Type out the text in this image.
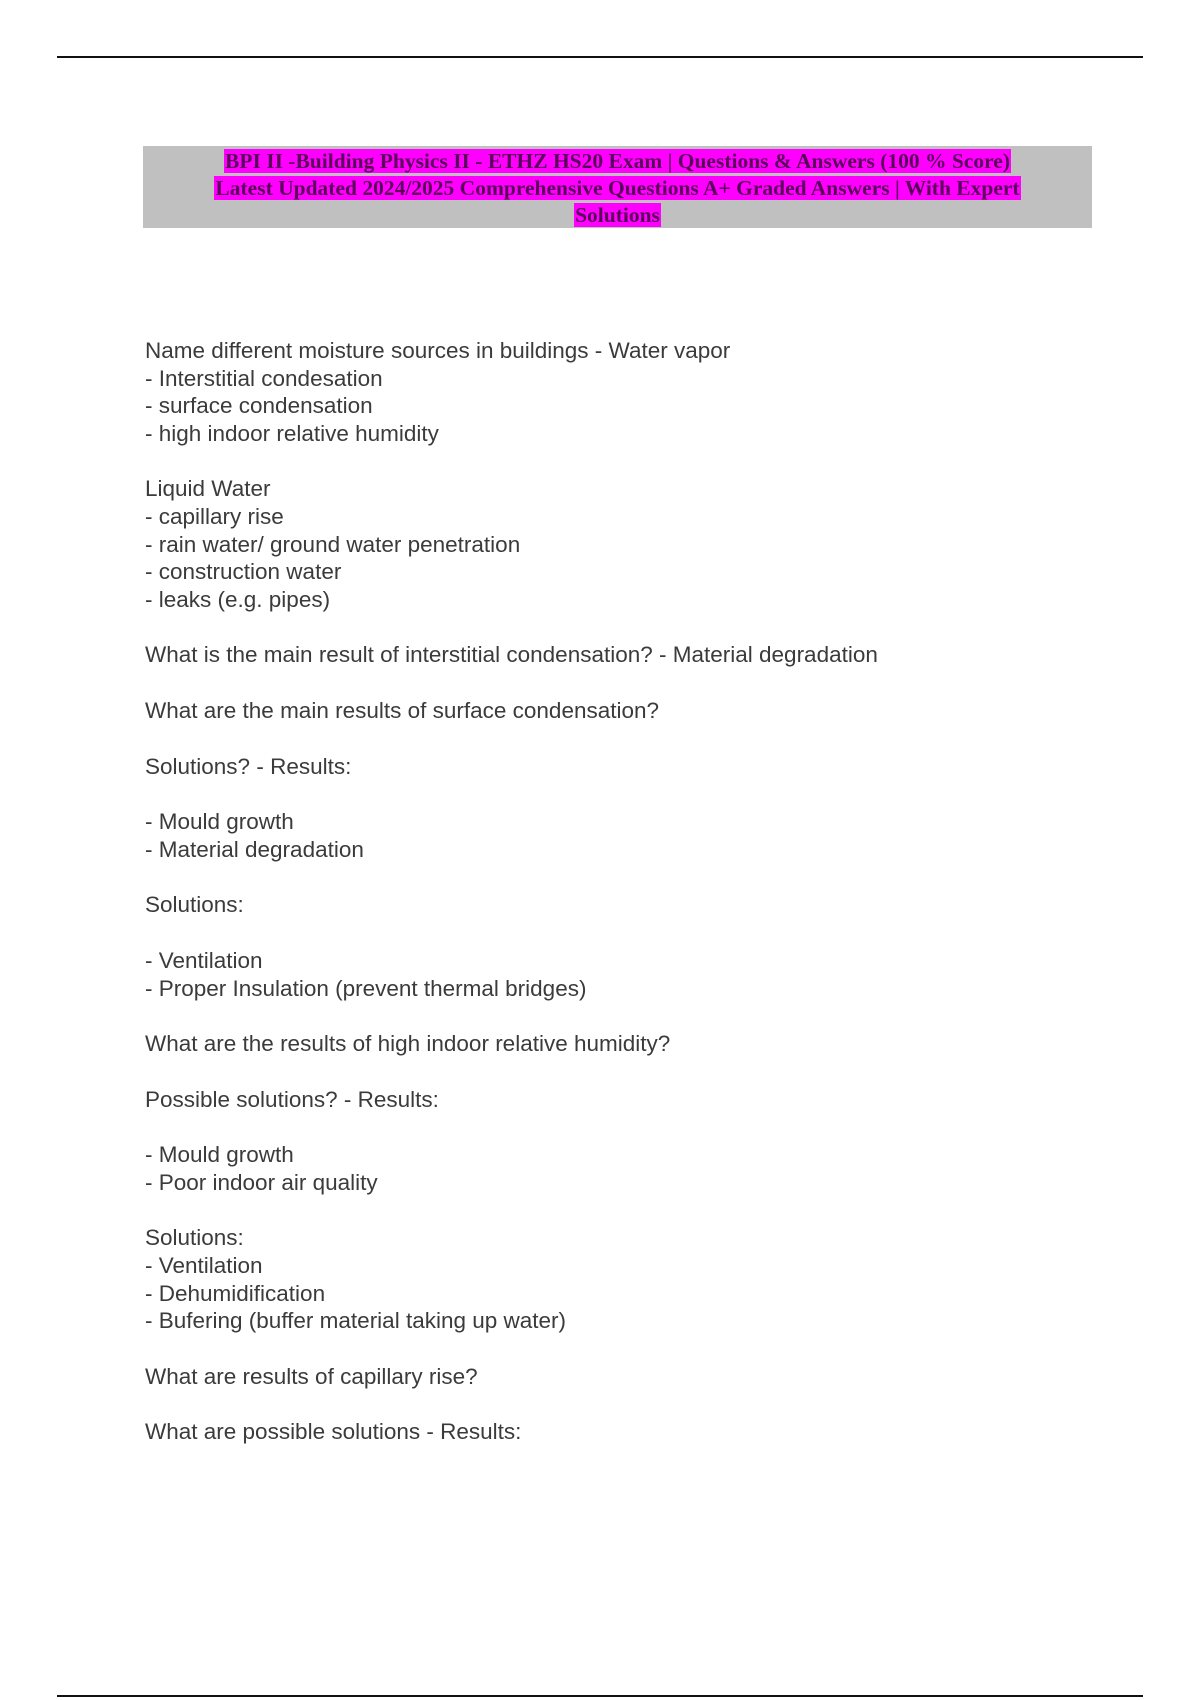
BPI II -Building Physics II - ETHZ HS20 Exam | Questions & Answers (100 % Score)
Latest Updated 2024/2025 Comprehensive Questions A+ Graded Answers | With Expert
Solutions
Name different moisture sources in buildings - Water vapor
- Interstitial condesation
- surface condensation
- high indoor relative humidity
Liquid Water
- capillary rise
- rain water/ ground water penetration
- construction water
- leaks (e.g. pipes)
What is the main result of interstitial condensation? - Material degradation
What are the main results of surface condensation?
Solutions? - Results:
- Mould growth
- Material degradation
Solutions:
- Ventilation
- Proper Insulation (prevent thermal bridges)
What are the results of high indoor relative humidity?
Possible solutions? - Results:
- Mould growth
- Poor indoor air quality
Solutions:
- Ventilation
- Dehumidification
- Bufering (buffer material taking up water)
What are results of capillary rise?
What are possible solutions - Results:
